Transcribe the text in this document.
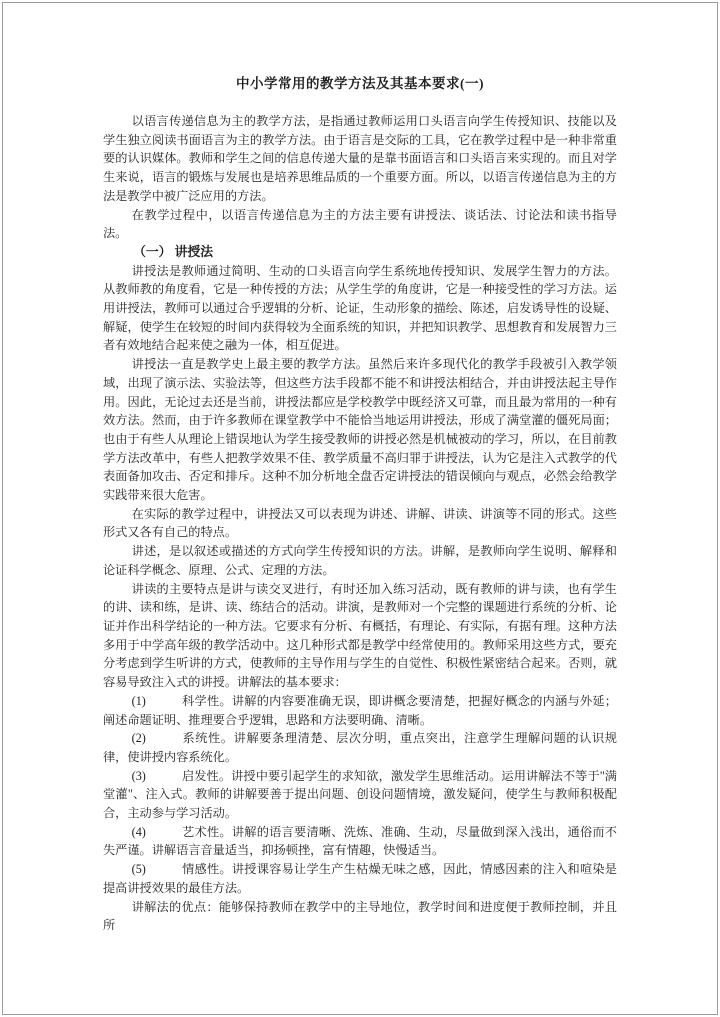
中小学常用的教学方法及其基本要求(一)

以语言传递信息为主的教学方法，是指通过教师运用口头语言向学生传授知识、技能以及学生独立阅读书面语言为主的教学方法。由于语言是交际的工具，它在教学过程中是一种非常重要的认识媒体。教师和学生之间的信息传递大量的是靠书面语言和口头语言来实现的。而且对学生来说，语言的锻炼与发展也是培养思维品质的一个重要方面。所以，以语言传递信息为主的方法是教学中被广泛应用的方法。

在教学过程中，以语言传递信息为主的方法主要有讲授法、谈话法、讨论法和读书指导法。

（一） 讲授法

讲授法是教师通过简明、生动的口头语言向学生系统地传授知识、发展学生智力的方法。从教师教的角度看，它是一种传授的方法；从学生学的角度讲，它是一种接受性的学习方法。运用讲授法，教师可以通过合乎逻辑的分析、论证，生动形象的描绘、陈述，启发诱导性的设疑、解疑，使学生在较短的时间内获得较为全面系统的知识，并把知识教学、思想教育和发展智力三者有效地结合起来使之融为一体，相互促进。

讲授法一直是教学史上最主要的教学方法。虽然后来许多现代化的教学手段被引入教学领域，出现了演示法、实验法等，但这些方法手段都不能不和讲授法相结合，并由讲授法起主导作用。因此，无论过去还是当前，讲授法都应是学校教学中既经济又可靠，而且最为常用的一种有效方法。然而，由于许多教师在课堂教学中不能恰当地运用讲授法，形成了满堂灌的僵死局面；也由于有些人从理论上错误地认为学生接受教师的讲授必然是机械被动的学习，所以，在目前教学方法改革中，有些人把教学效果不佳、教学质量不高归罪于讲授法，认为它是注入式教学的代表面备加攻击、否定和排斥。这种不加分析地全盘否定讲授法的错误倾向与观点，必然会给教学实践带来很大危害。

在实际的教学过程中，讲授法又可以表现为讲述、讲解、讲读、讲演等不同的形式。这些形式又各有自己的特点。

讲述，是以叙述或描述的方式向学生传授知识的方法。讲解，是教师向学生说明、解释和论证科学概念、原理、公式、定理的方法。

讲读的主要特点是讲与读交叉进行，有时还加入练习活动，既有教师的讲与读，也有学生的讲、读和练，是讲、读、练结合的活动。讲演，是教师对一个完整的课题进行系统的分析、论证并作出科学结论的一种方法。它要求有分析、有概括，有理论、有实际，有据有理。这种方法多用于中学高年级的教学活动中。这几种形式都是教学中经常使用的。教师采用这些方式，要充分考虑到学生听讲的方式，使教师的主导作用与学生的自觉性、积极性紧密结合起来。否则，就容易导致注入式的讲授。讲解法的基本要求：

(1)	科学性。讲解的内容要准确无误，即讲概念要清楚，把握好概念的内涵与外延；阐述命题证明、推理要合乎逻辑，思路和方法要明确、清晰。

(2)	系统性。讲解要条理清楚、层次分明，重点突出，注意学生理解问题的认识规律，使讲授内容系统化。

(3)	启发性。讲授中要引起学生的求知欲，激发学生思维活动。运用讲解法不等于"满堂灌"、注入式。教师的讲解要善于提出问题、创设问题情境，激发疑问，使学生与教师积极配合，主动参与学习活动。

(4)	艺术性。讲解的语言要清晰、洗炼、准确、生动，尽量做到深入浅出，通俗而不失严谨。讲解语言音量适当，抑扬顿挫，富有情趣，快慢适当。

(5)	情感性。讲授课容易让学生产生枯燥无味之感，因此，情感因素的注入和喧染是提高讲授效果的最佳方法。

讲解法的优点：能够保持教师在教学中的主导地位，教学时间和进度便于教师控制，并且所
